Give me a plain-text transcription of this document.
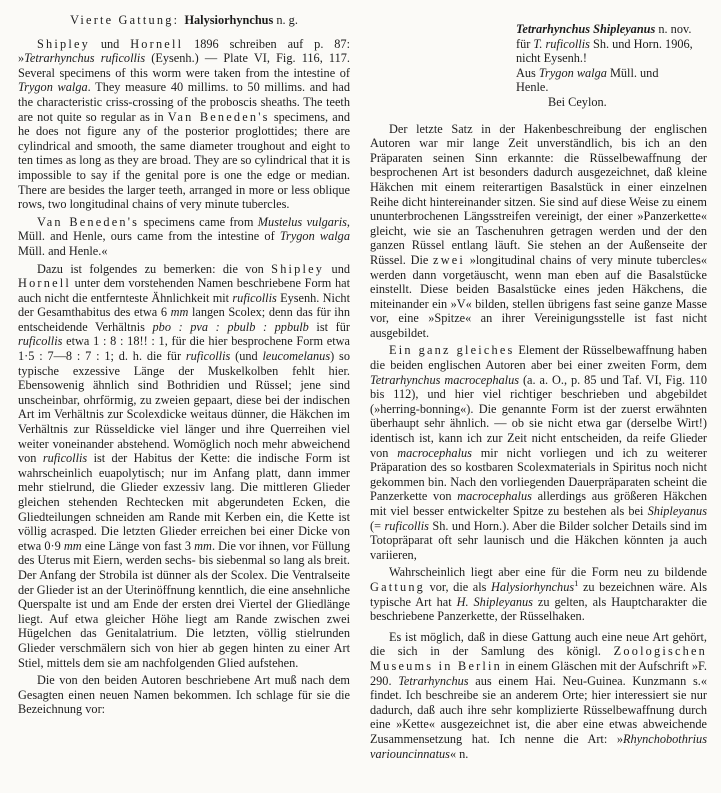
Vierte Gattung: Halysiorhynchus n. g.

Shipley und Hornell 1896 schreiben auf p. 87: »Tetrarhynchus ruficollis (Eysenh.) — Plate VI, Fig. 116, 117. Several specimens of this worm were taken from the intestine of Trygon walga. They measure 40 millims. to 50 millims. and had the characteristic criss-crossing of the proboscis sheaths. The teeth are not quite so regular as in Van Beneden's specimens, and he does not figure any of the posterior proglottides; there are cylindrical and smooth, the same diameter troughout and eight to ten times as long as they are broad. They are so cylindrical that it is impossible to say if the genital pore is one the edge or median. There are besides the larger teeth, arranged in more or less oblique rows, two longitudinal chains of very minute tubercles.

Van Beneden's specimens came from Mustelus vulgaris, Müll. and Henle, ours came from the intestine of Trygon walga Müll. and Henle.«

Dazu ist folgendes zu bemerken: die von Shipley und Hornell unter dem vorstehenden Namen beschriebene Form hat auch nicht die entfernteste Ähnlichkeit mit ruficollis Eysenh. Nicht der Gesamthabitus des etwa 6 mm langen Scolex; denn das für ihn entscheidende Verhältnis pbo : pva : pbulb : ppbulb ist für ruficollis etwa 1 : 8 : 18!! : 1, für die hier besprochene Form etwa 1·5 : 7—8 : 7 : 1; d. h. die für ruficollis (und leucomelanus) so typische exzessive Länge der Muskelkolben fehlt hier. Ebensowenig ähnlich sind Bothridien und Rüssel; jene sind unscheinbar, ohrförmig, zu zweien gepaart, diese bei der indischen Art im Verhältnis zur Scolexdicke weitaus dünner, die Häkchen im Verhältnis zur Rüsseldicke viel länger und ihre Querreihen viel weiter voneinander abstehend. Womöglich noch mehr abweichend von ruficollis ist der Habitus der Kette: die indische Form ist wahrscheinlich euapolytisch; nur im Anfang platt, dann immer mehr stielrund, die Glieder exzessiv lang. Die mittleren Glieder gleichen stehenden Rechtecken mit abgerundeten Ecken, die Gliedteilungen schneiden am Rande mit Kerben ein, die Kette ist völlig acrasped. Die letzten Glieder erreichen bei einer Dicke von etwa 0·9 mm eine Länge von fast 3 mm. Die vor ihnen, vor Füllung des Uterus mit Eiern, werden sechs- bis siebenmal so lang als breit. Der Anfang der Strobila ist dünner als der Scolex. Die Ventralseite der Glieder ist an der Uterinöffnung kenntlich, die eine ansehnliche Querspalte ist und am Ende der ersten drei Viertel der Gliedlänge liegt. Auf etwa gleicher Höhe liegt am Rande zwischen zwei Hügelchen das Genitalatrium. Die letzten, völlig stielrunden Glieder verschmälern sich von hier ab gegen hinten zu einer Art Stiel, mittels dem sie am nachfolgenden Glied aufstehen.

Die von den beiden Autoren beschriebene Art muß nach dem Gesagten einen neuen Namen bekommen. Ich schlage für sie die Bezeichnung vor:

Tetrarhynchus Shipleyanus n. nov. für T. ruficollis Sh. und Horn. 1906, nicht Eysenh.!

Aus Trygon walga Müll. und Henle.

Bei Ceylon.

Der letzte Satz in der Hakenbeschreibung der englischen Autoren war mir lange Zeit unverständlich, bis ich an den Präparaten seinen Sinn erkannte: die Rüsselbewaffnung der besprochenen Art ist besonders dadurch ausgezeichnet, daß kleine Häkchen mit einem reiterartigen Basalstück in einer einzelnen Reihe dicht hintereinander sitzen. Sie sind auf diese Weise zu einem ununterbrochenen Längsstreifen vereinigt, der einer »Panzerkette« gleicht, wie sie an Taschenuhren getragen werden und der den ganzen Rüssel entlang läuft. Sie stehen an der Außenseite der Rüssel. Die zwei »longitudinal chains of very minute tubercles« werden dann vorgetäuscht, wenn man eben auf die Basalstücke einstellt. Diese beiden Basalstücke eines jeden Häkchens, die miteinander ein »V« bilden, stellen übrigens fast seine ganze Masse vor, eine »Spitze« an ihrer Vereinigungsstelle ist fast nicht ausgebildet.

Ein ganz gleiches Element der Rüsselbewaffnung haben die beiden englischen Autoren aber bei einer zweiten Form, dem Tetrarhynchus macrocephalus (a. a. O., p. 85 und Taf. VI, Fig. 110 bis 112), und hier viel richtiger beschrieben und abgebildet (»herring-bonning«). Die genannte Form ist der zuerst erwähnten überhaupt sehr ähnlich. — ob sie nicht etwa gar (derselbe Wirt!) identisch ist, kann ich zur Zeit nicht entscheiden, da reife Glieder von macrocephalus mir nicht vorliegen und ich zu weiterer Präparation des so kostbaren Scolexmaterials in Spiritus noch nicht gekommen bin. Nach den vorliegenden Dauerpräparaten scheint die Panzerkette von macrocephalus allerdings aus größeren Häkchen mit viel besser entwickelter Spitze zu bestehen als bei Shipleyanus (= ruficollis Sh. und Horn.). Aber die Bilder solcher Details sind im Totopräparat oft sehr launisch und die Häkchen könnten ja auch variieren,

Wahrscheinlich liegt aber eine für die Form neu zu bildende Gattung vor, die als Halysiorhynchus$^1$ zu bezeichnen wäre. Als typische Art hat H. Shipleyanus zu gelten, als Hauptcharakter die beschriebene Panzerkette, der Rüsselhaken.

Es ist möglich, daß in diese Gattung auch eine neue Art gehört, die sich in der Samlung des königl. Zoologischen Museums in Berlin in einem Gläschen mit der Aufschrift »F. 290. Tetrarhynchus aus einem Hai. Neu-Guinea. Kunzmann s.« findet. Ich beschreibe sie an anderem Orte; hier interessiert sie nur dadurch, daß auch ihre sehr komplizierte Rüsselbewaffnung durch eine »Kette« ausgezeichnet ist, die aber eine etwas abweichende Zusammensetzung hat. Ich nenne die Art: »Rhynchobothrius variouncinnatus« n.
